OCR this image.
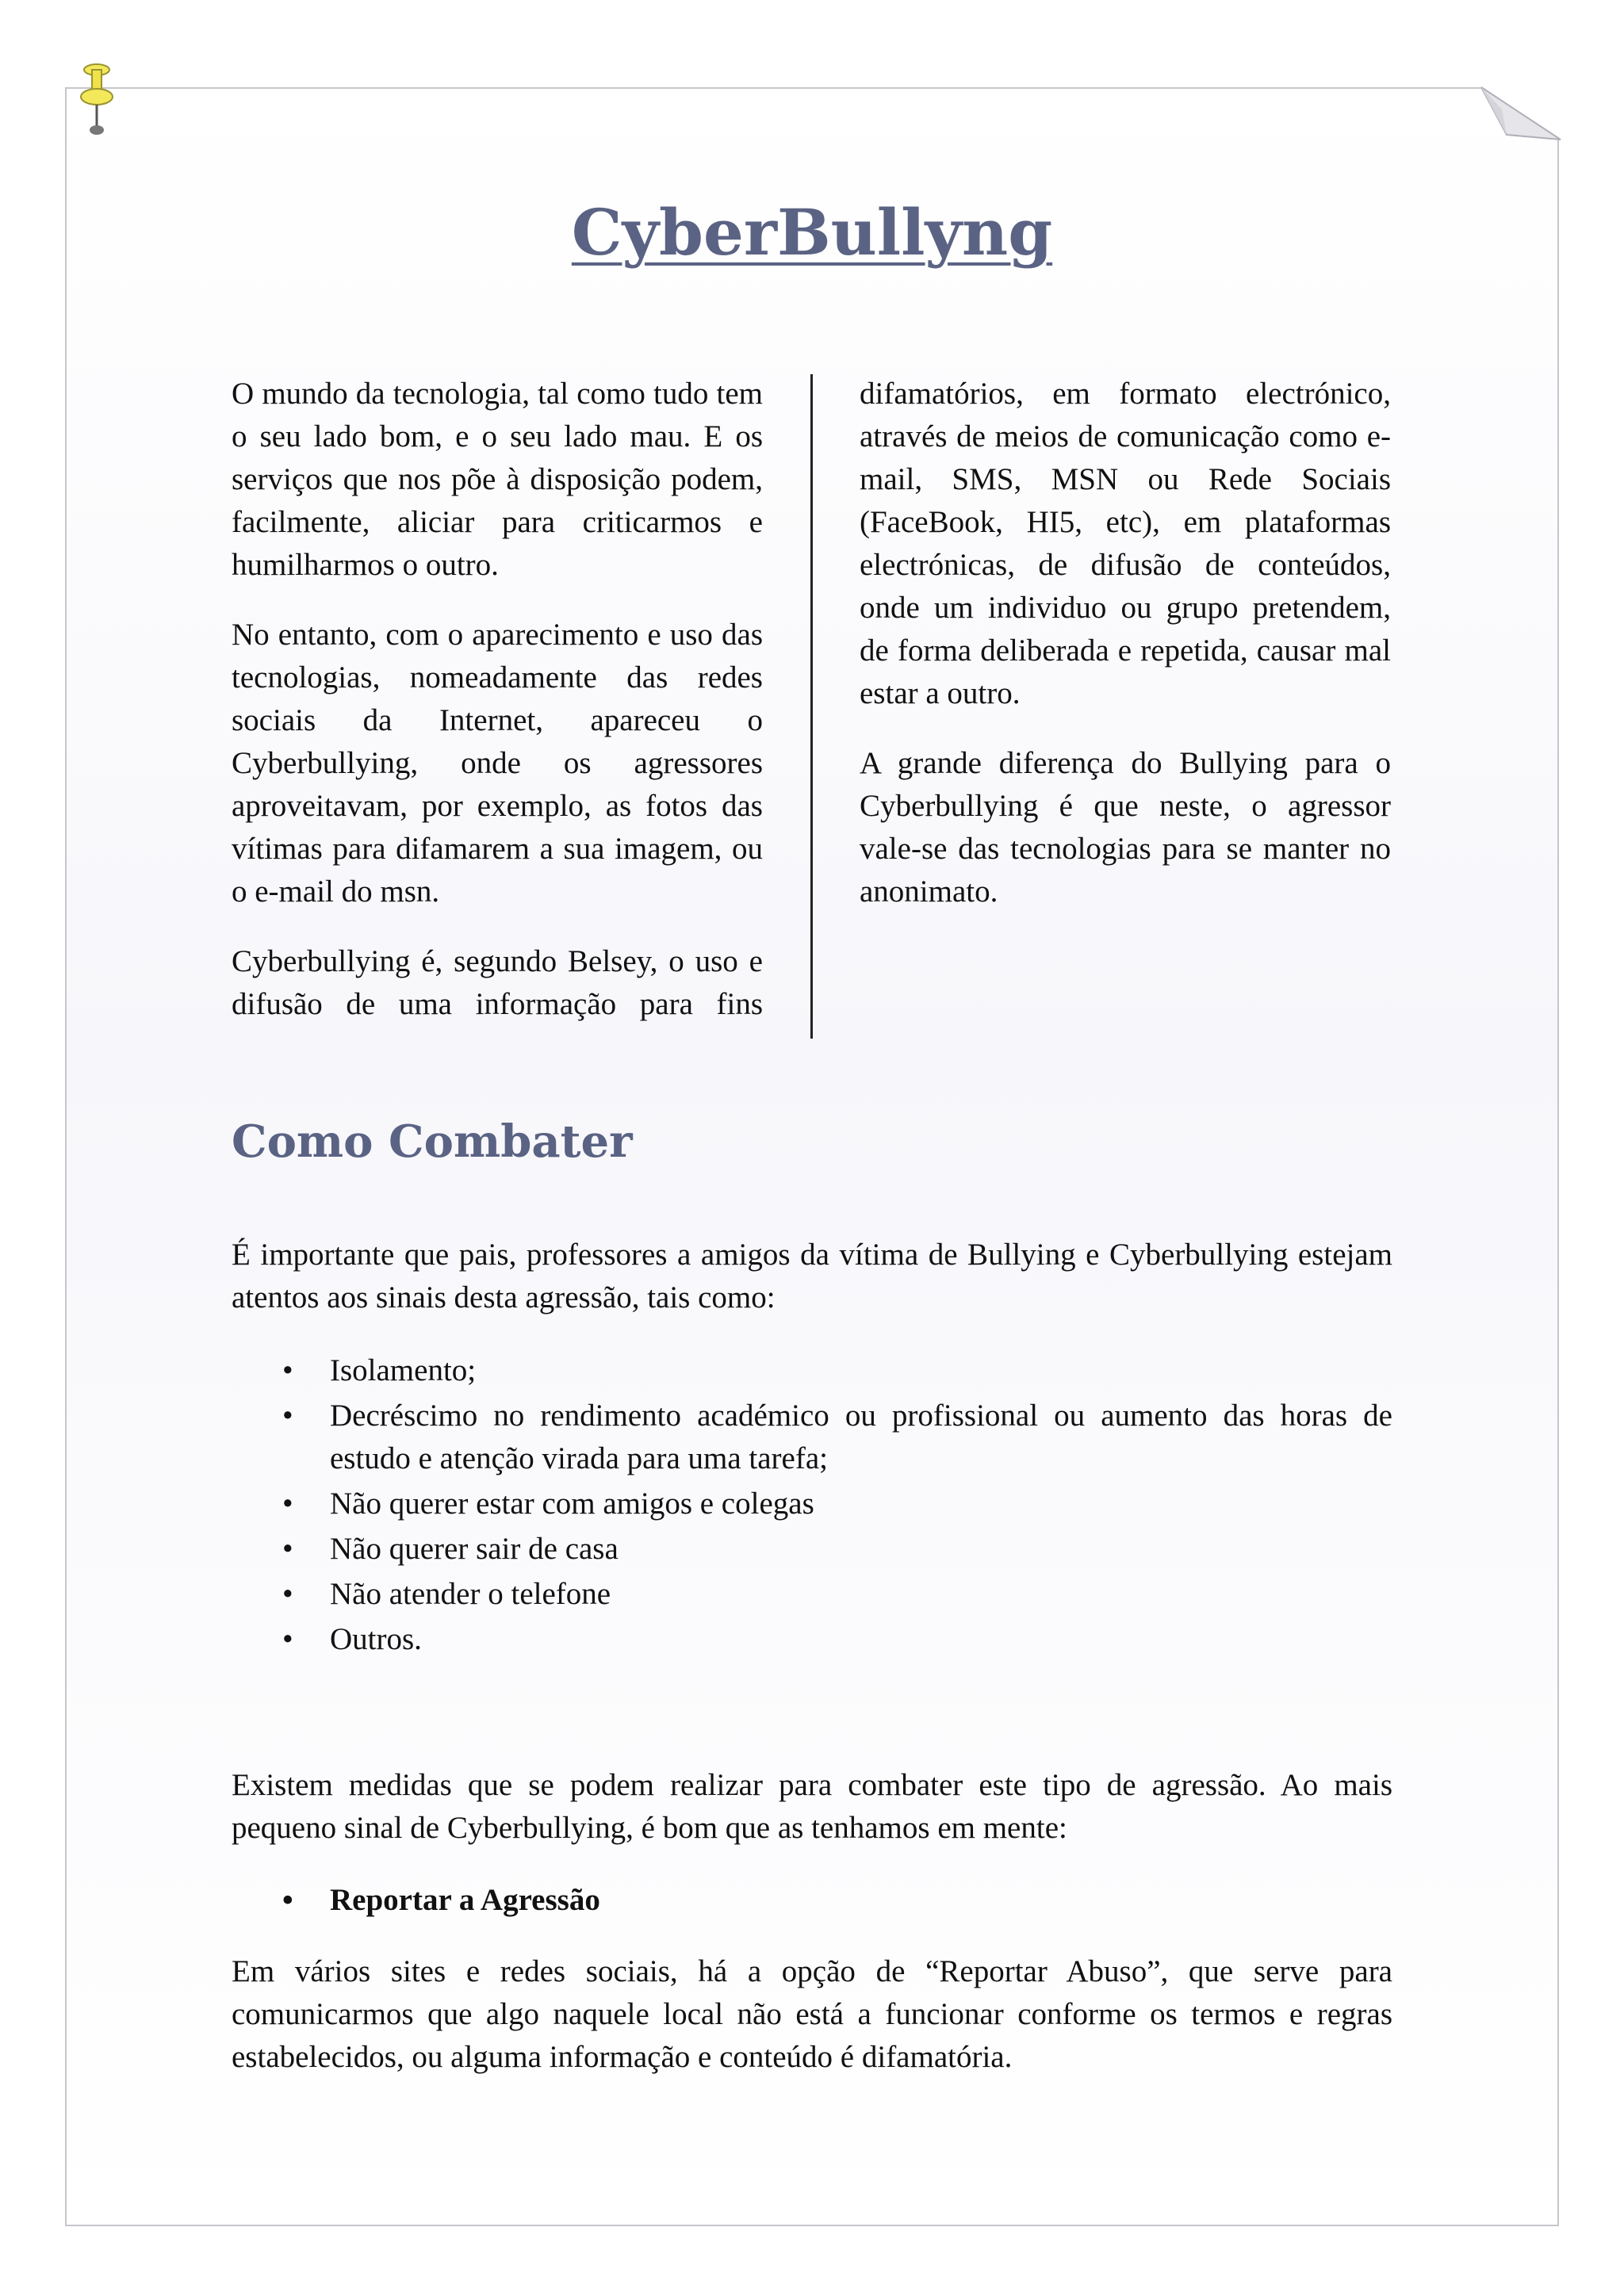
CyberBullyng

O mundo da tecnologia, tal como tudo tem o seu lado bom, e o seu lado mau. E os serviços que nos põe à disposição podem, facilmente, aliciar para criticarmos e humilharmos o outro.

No entanto, com o aparecimento e uso das tecnologias, nomeadamente das redes sociais da Internet, apareceu o Cyberbullying, onde os agressores aproveitavam, por exemplo, as fotos das vítimas para difamarem a sua imagem, ou o e-mail do msn.

Cyberbullying é, segundo Belsey, o uso e difusão de uma informação para fins

difamatórios, em formato electrónico, através de meios de comunicação como e-mail, SMS, MSN ou Rede Sociais (FaceBook, HI5, etc), em plataformas electrónicas, de difusão de conteúdos, onde um individuo ou grupo pretendem, de forma deliberada e repetida, causar mal estar a outro.

A grande diferença do Bullying para o Cyberbullying é que neste, o agressor vale-se das tecnologias para se manter no anonimato.

Como Combater

É importante que pais, professores a amigos da vítima de Bullying e Cyberbullying estejam atentos aos sinais desta agressão, tais como:

• Isolamento;
• Decréscimo no rendimento académico ou profissional ou aumento das horas de estudo e atenção virada para uma tarefa;
• Não querer estar com amigos e colegas
• Não querer sair de casa
• Não atender o telefone
• Outros.

Existem medidas que se podem realizar para combater este tipo de agressão. Ao mais pequeno sinal de Cyberbullying, é bom que as tenhamos em mente:

• Reportar a Agressão

Em vários sites e redes sociais, há a opção de “Reportar Abuso”, que serve para comunicarmos que algo naquele local não está a funcionar conforme os termos e regras estabelecidos, ou alguma informação e conteúdo é difamatória.
